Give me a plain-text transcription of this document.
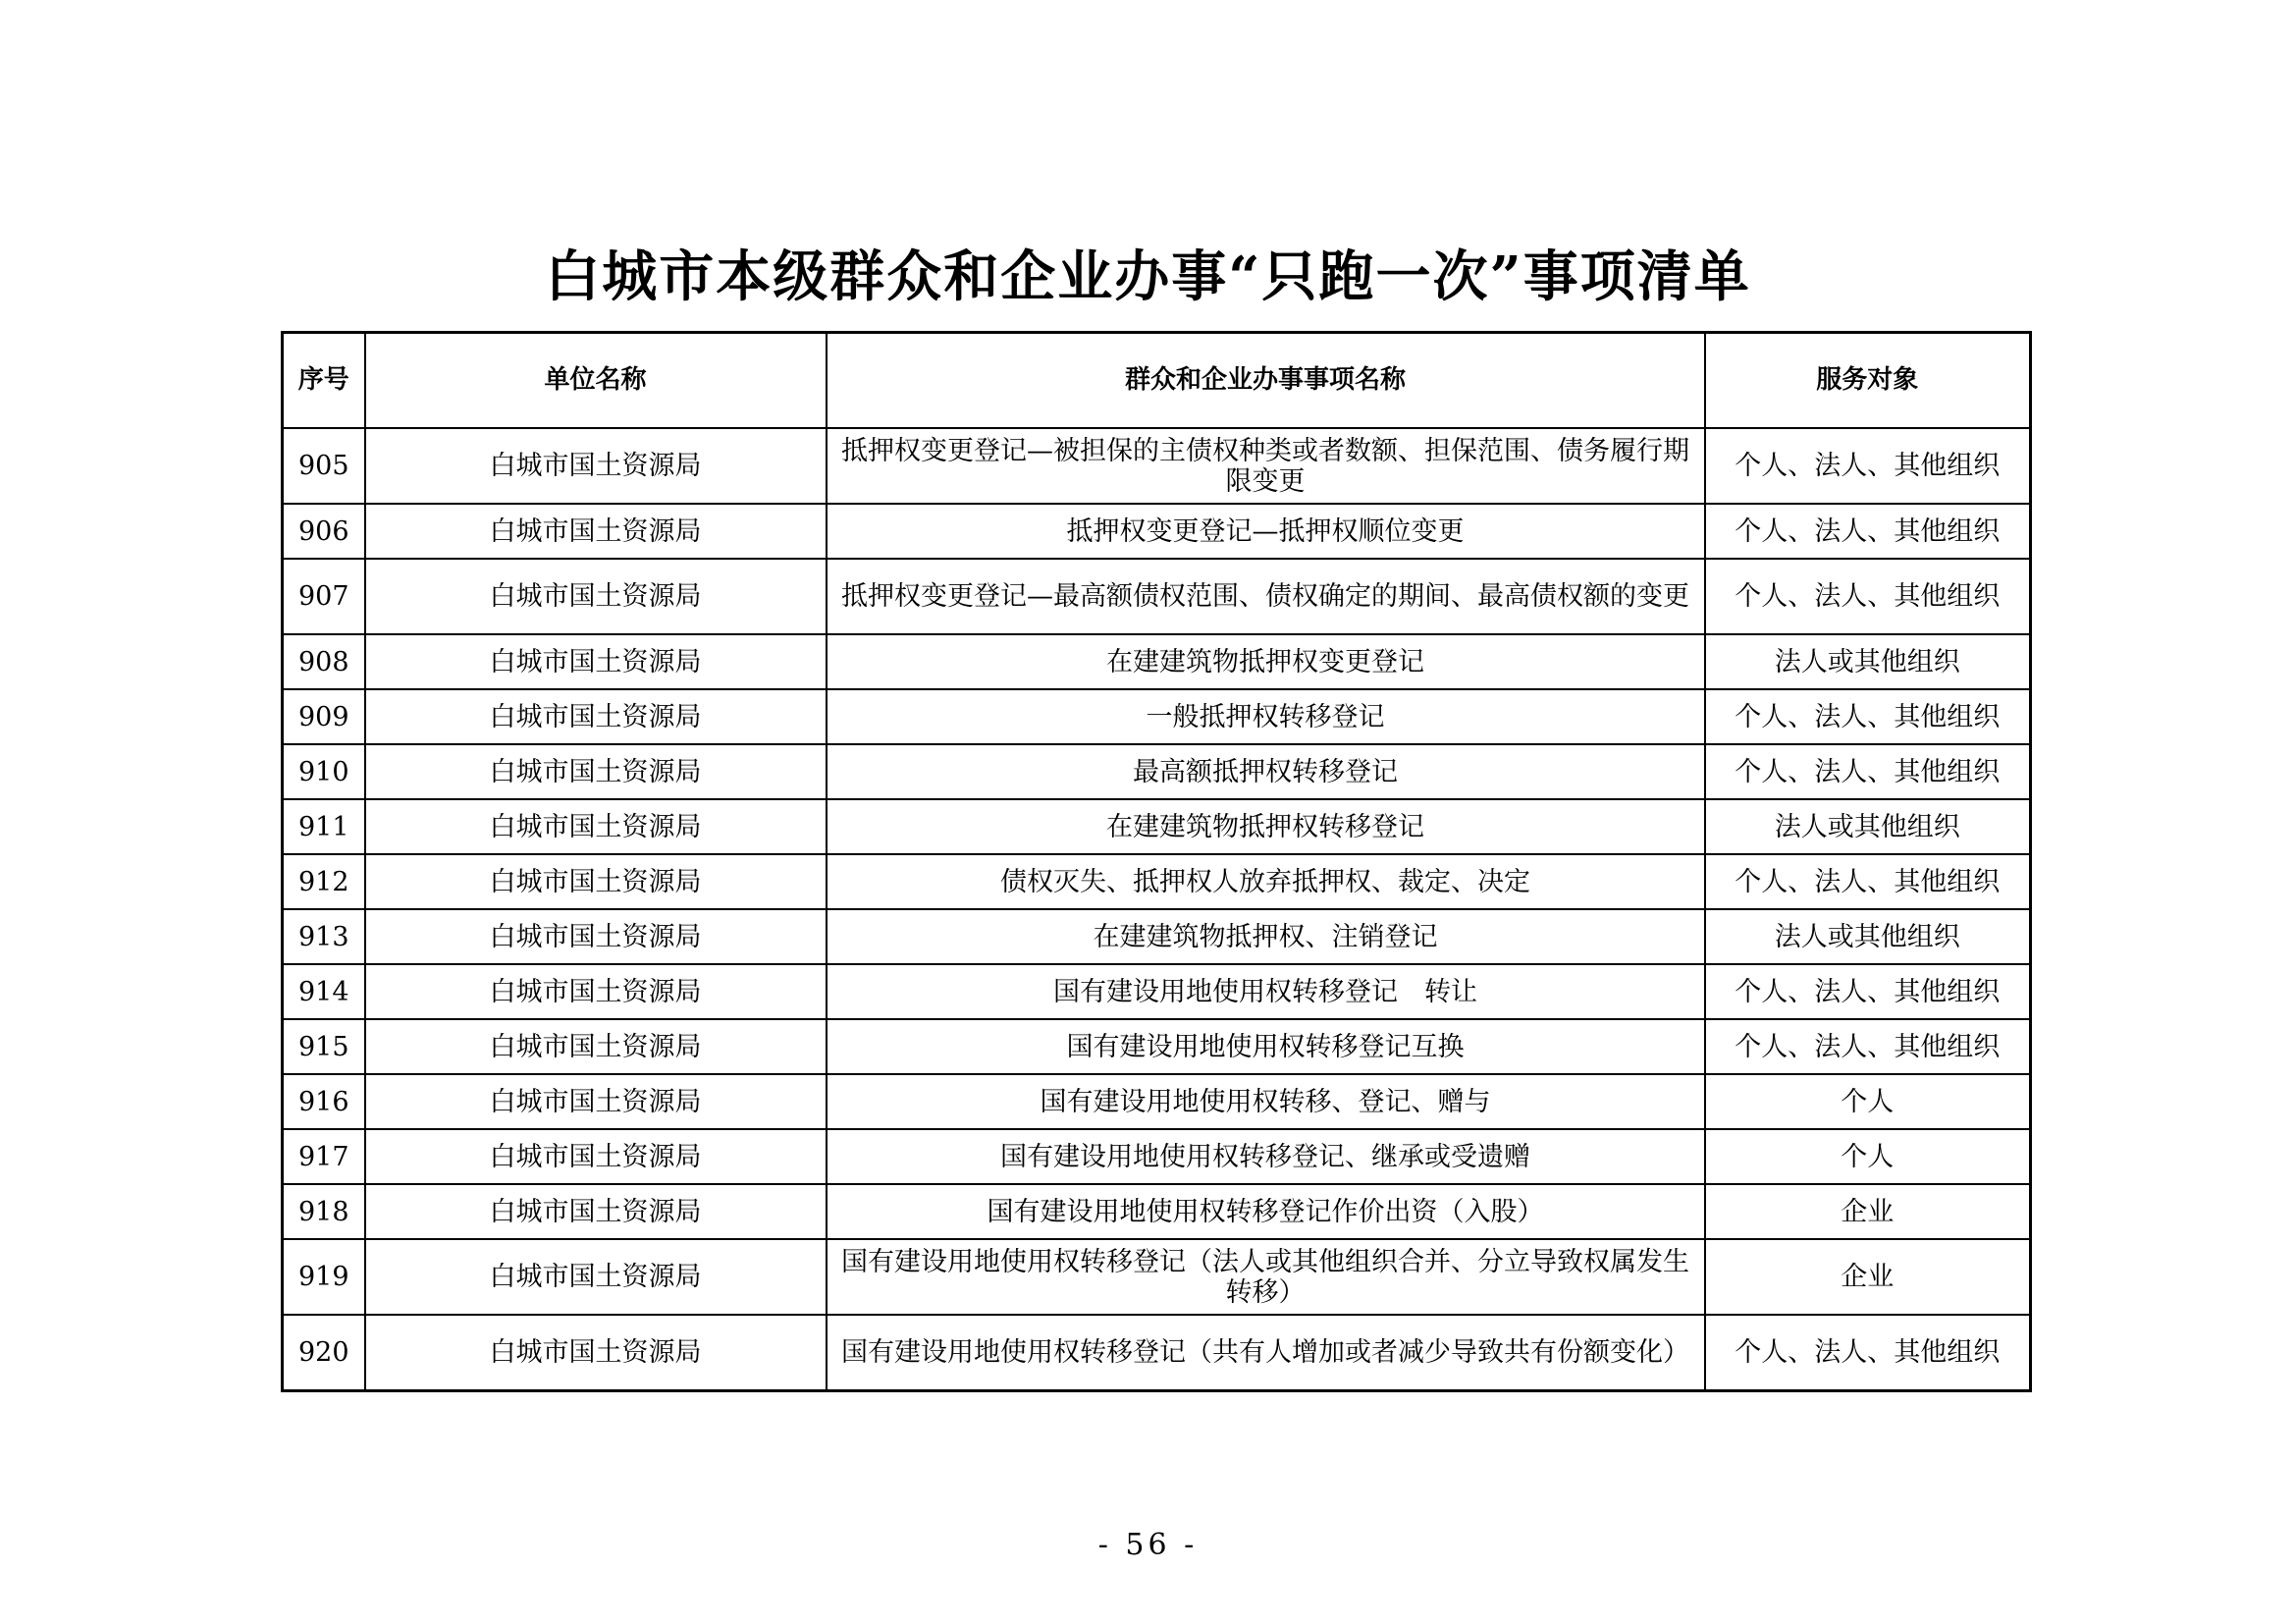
白城市本级群众和企业办事“只跑一次”事项清单
序号	单位名称	群众和企业办事事项名称	服务对象
905	白城市国土资源局	抵押权变更登记—被担保的主债权种类或者数额、担保范围、债务履行期限变更	个人、法人、其他组织
906	白城市国土资源局	抵押权变更登记—抵押权顺位变更	个人、法人、其他组织
907	白城市国土资源局	抵押权变更登记—最高额债权范围、债权确定的期间、最高债权额的变更	个人、法人、其他组织
908	白城市国土资源局	在建建筑物抵押权变更登记	法人或其他组织
909	白城市国土资源局	一般抵押权转移登记	个人、法人、其他组织
910	白城市国土资源局	最高额抵押权转移登记	个人、法人、其他组织
911	白城市国土资源局	在建建筑物抵押权转移登记	法人或其他组织
912	白城市国土资源局	债权灭失、抵押权人放弃抵押权、裁定、决定	个人、法人、其他组织
913	白城市国土资源局	在建建筑物抵押权、注销登记	法人或其他组织
914	白城市国土资源局	国有建设用地使用权转移登记　转让	个人、法人、其他组织
915	白城市国土资源局	国有建设用地使用权转移登记互换	个人、法人、其他组织
916	白城市国土资源局	国有建设用地使用权转移、登记、赠与	个人
917	白城市国土资源局	国有建设用地使用权转移登记、继承或受遗赠	个人
918	白城市国土资源局	国有建设用地使用权转移登记作价出资（入股）	企业
919	白城市国土资源局	国有建设用地使用权转移登记（法人或其他组织合并、分立导致权属发生转移）	企业
920	白城市国土资源局	国有建设用地使用权转移登记（共有人增加或者减少导致共有份额变化）	个人、法人、其他组织
- 56 -
